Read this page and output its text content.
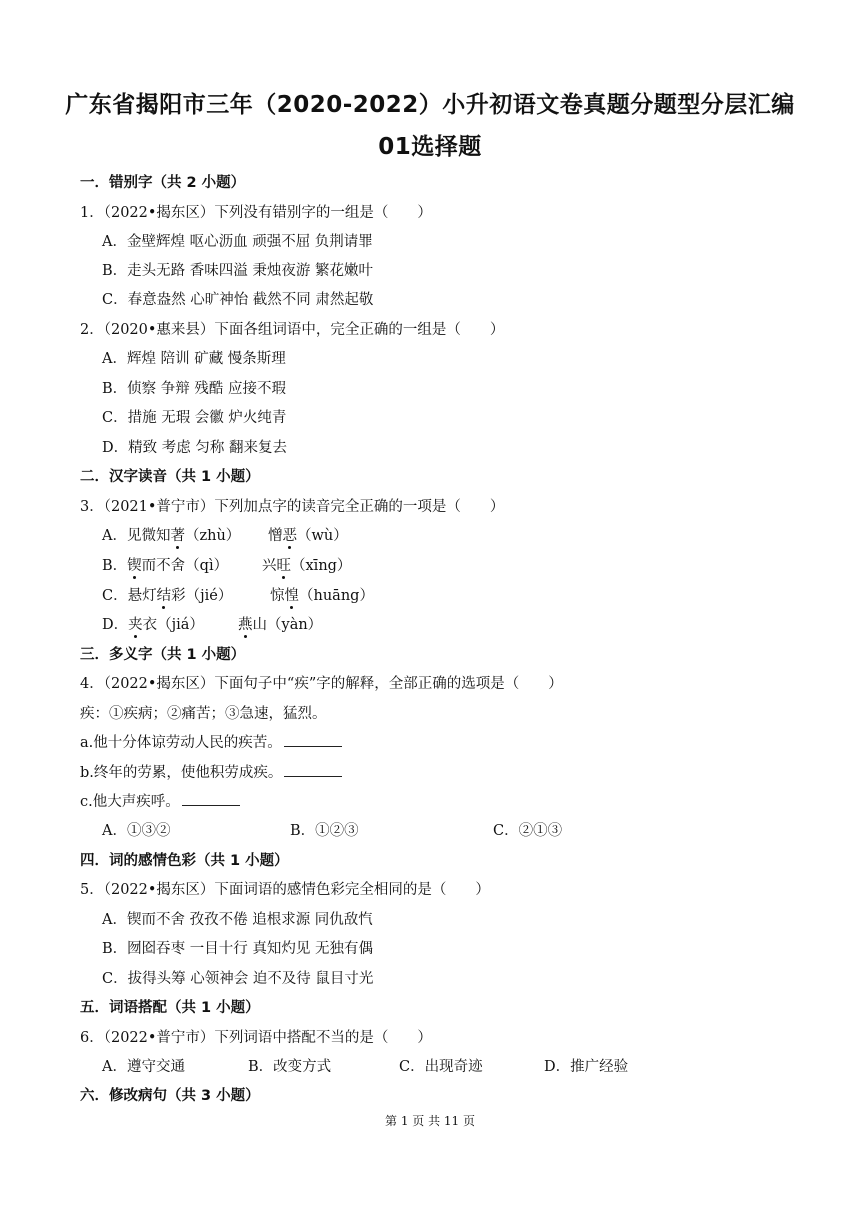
广东省揭阳市三年（2020-2022）小升初语文卷真题分题型分层汇编
01选择题
一．错别字（共 2 小题）
1．（2022•揭东区）下列没有错别字的一组是（　　）
A．金壁辉煌 呕心沥血 顽强不屈 负荆请罪
B．走头无路 香味四溢 秉烛夜游 繁花嫩叶
C．春意盎然 心旷神怡 截然不同 肃然起敬
2．（2020•惠来县）下面各组词语中，完全正确的一组是（　　）
A．辉煌 陪训 矿藏 慢条斯理
B．侦察 争辩 残酷 应接不瑕
C．措施 无瑕 会徽 炉火纯青
D．精致 考虑 匀称 翻来复去
二．汉字读音（共 1 小题）
3．（2021•普宁市）下列加点字的读音完全正确的一项是（　　）
A．见微知著（zhù） 憎恶（wù）
B．锲而不舍（qì） 兴旺（xīng）
C．悬灯结彩（jié）	惊惶（huāng）
D．夹衣（jiá） 燕山（yàn）
三．多义字（共 1 小题）
4．（2022•揭东区）下面句子中“疾”字的解释，全部正确的选项是（　　）
疾：①疾病；②痛苦；③急速，猛烈。
a.他十分体谅劳动人民的疾苦。
b.终年的劳累，使他积劳成疾。
c.他大声疾呼。
A．①③②	B．①②③	C．②①③
四．词的感情色彩（共 1 小题）
5．（2022•揭东区）下面词语的感情色彩完全相同的是（　　）
A．锲而不舍 孜孜不倦 追根求源 同仇敌忾
B．囫囵吞枣 一目十行 真知灼见 无独有偶
C．拔得头筹 心领神会 迫不及待 鼠目寸光
五．词语搭配（共 1 小题）
6．（2022•普宁市）下列词语中搭配不当的是（　　）
A．遵守交通	B．改变方式	C．出现奇迹	D．推广经验
六．修改病句（共 3 小题）
第 1 页 共 11 页
